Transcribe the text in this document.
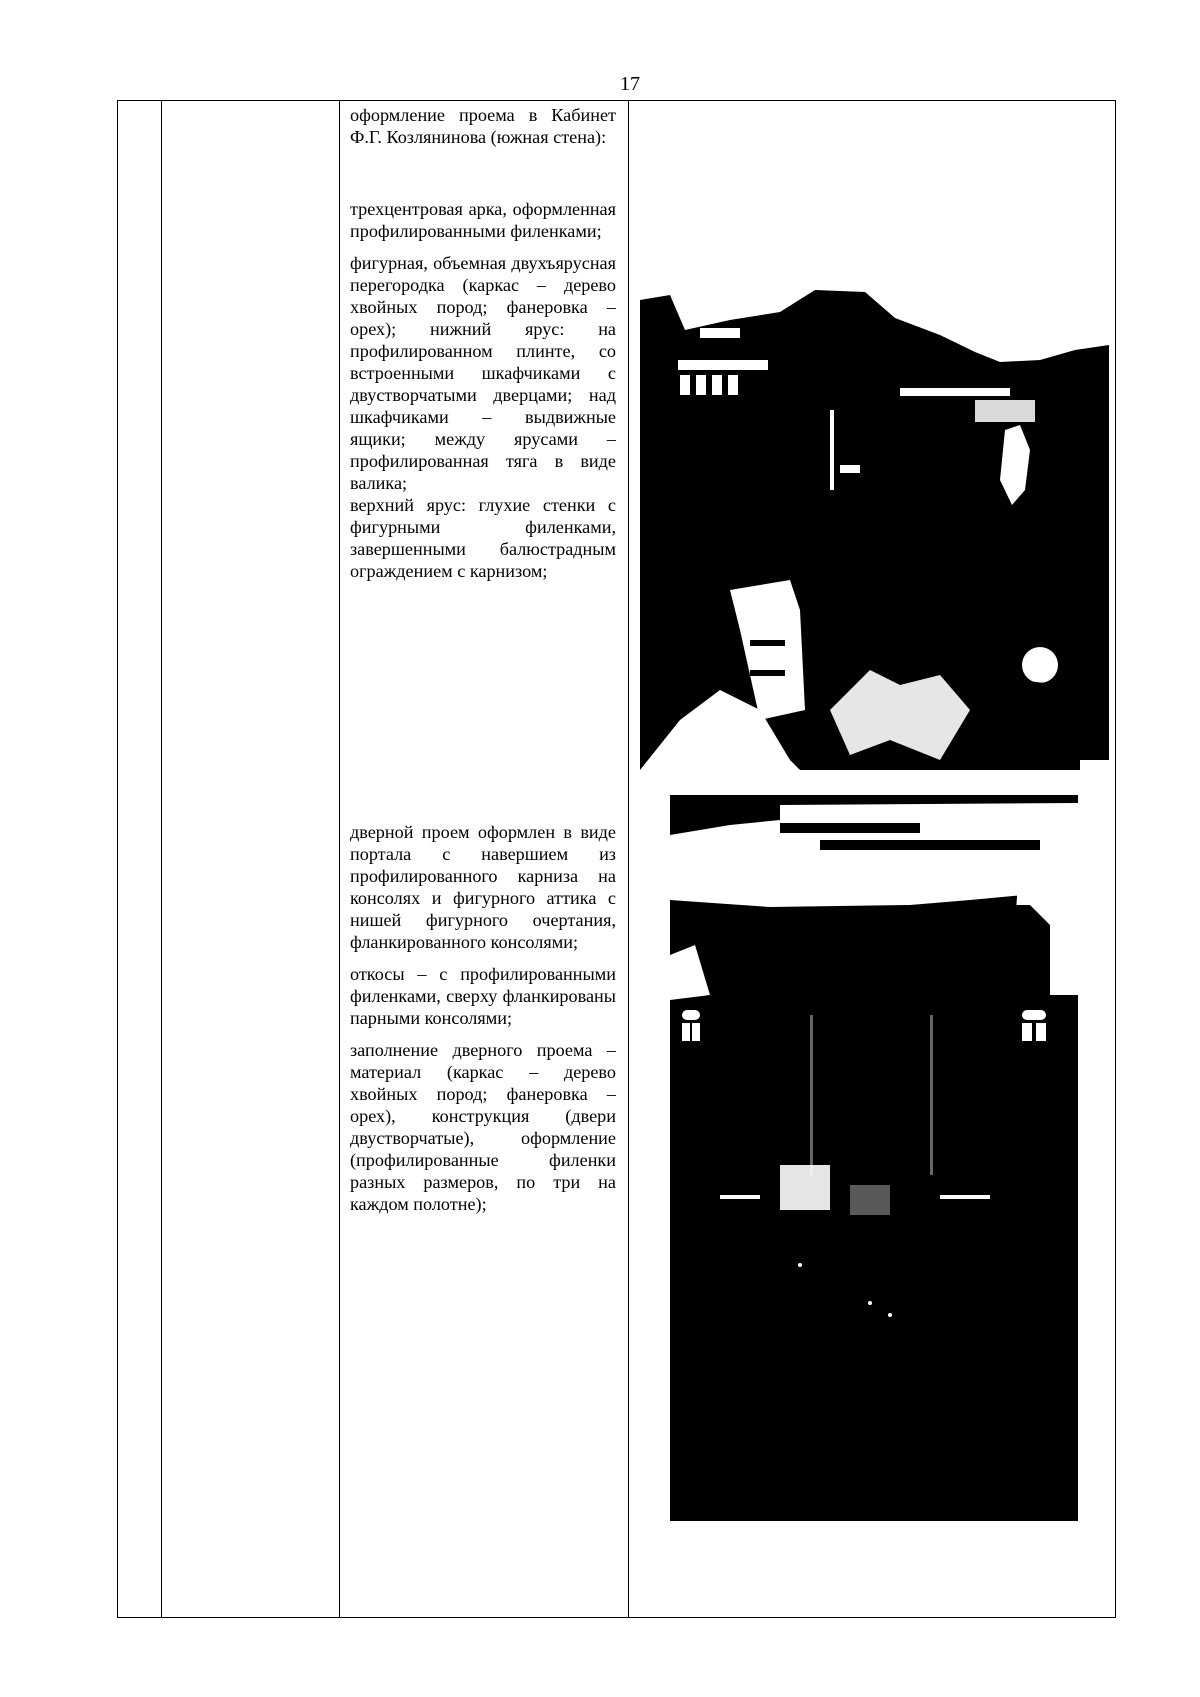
17

оформление проема в Кабинет Ф.Г. Козлянинова (южная стена):

трехцентровая арка, оформленная профилированными филенками;

фигурная, объемная двухъярусная перегородка (каркас – дерево хвойных пород; фанеровка – орех); нижний ярус: на профилированном плинте, со встроенными шкафчиками с двустворчатыми дверцами; над шкафчиками – выдвижные ящики; между ярусами – профилированная тяга в виде валика;

верхний ярус: глухие стенки с фигурными филенками, завершенными балюстрадным ограждением с карнизом;

дверной проем оформлен в виде портала с навершием из профилированного карниза на консолях и фигурного аттика с нишей фигурного очертания, фланкированного консолями;

откосы – с профилированными филенками, сверху фланкированы парными консолями;

заполнение дверного проема – материал (каркас – дерево хвойных пород; фанеровка – орех), конструкция (двери двустворчатые), оформление (профилированные филенки разных размеров, по три на каждом полотне);
